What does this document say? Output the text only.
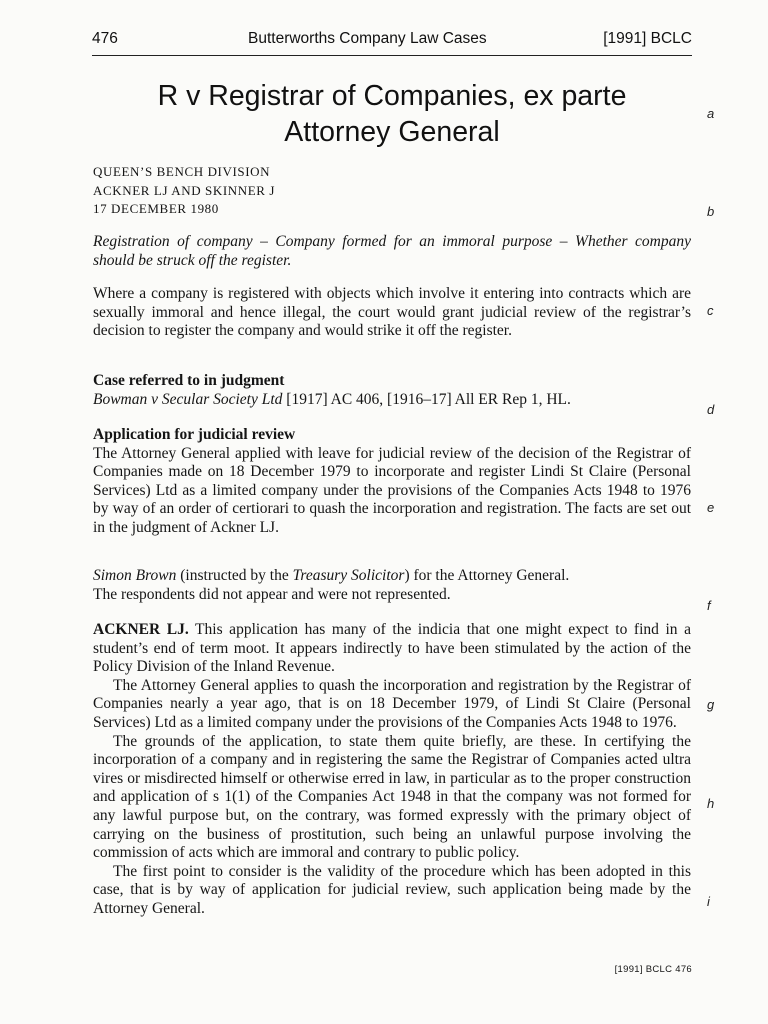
476	Butterworths Company Law Cases	[1991] BCLC
R v Registrar of Companies, ex parte
Attorney General
QUEEN’S BENCH DIVISION
ACKNER LJ AND SKINNER J
17 DECEMBER 1980

Registration of company – Company formed for an immoral purpose – Whether company should be struck off the register.

Where a company is registered with objects which involve it entering into contracts which are sexually immoral and hence illegal, the court would grant judicial review of the registrar’s decision to register the company and would strike it off the register.

Case referred to in judgment

Bowman v Secular Society Ltd [1917] AC 406, [1916–17] All ER Rep 1, HL.

Application for judicial review

The Attorney General applied with leave for judicial review of the decision of the Registrar of Companies made on 18 December 1979 to incorporate and register Lindi St Claire (Personal Services) Ltd as a limited company under the provisions of the Companies Acts 1948 to 1976 by way of an order of certiorari to quash the incorporation and registration. The facts are set out in the judgment of Ackner LJ.

Simon Brown (instructed by the Treasury Solicitor) for the Attorney General.

The respondents did not appear and were not represented.

ACKNER LJ. This application has many of the indicia that one might expect to find in a student’s end of term moot. It appears indirectly to have been stimulated by the action of the Policy Division of the Inland Revenue.

The Attorney General applies to quash the incorporation and registration by the Registrar of Companies nearly a year ago, that is on 18 December 1979, of Lindi St Claire (Personal Services) Ltd as a limited company under the provisions of the Companies Acts 1948 to 1976.

The grounds of the application, to state them quite briefly, are these. In certifying the incorporation of a company and in registering the same the Registrar of Companies acted ultra vires or misdirected himself or otherwise erred in law, in particular as to the proper construction and application of s 1(1) of the Companies Act 1948 in that the company was not formed for any lawful purpose but, on the contrary, was formed expressly with the primary object of carrying on the business of prostitution, such being an unlawful purpose involving the commission of acts which are immoral and contrary to public policy.

The first point to consider is the validity of the procedure which has been adopted in this case, that is by way of application for judicial review, such application being made by the Attorney General.

a
b
c
d
e
f
g
h
i
[1991] BCLC 476
